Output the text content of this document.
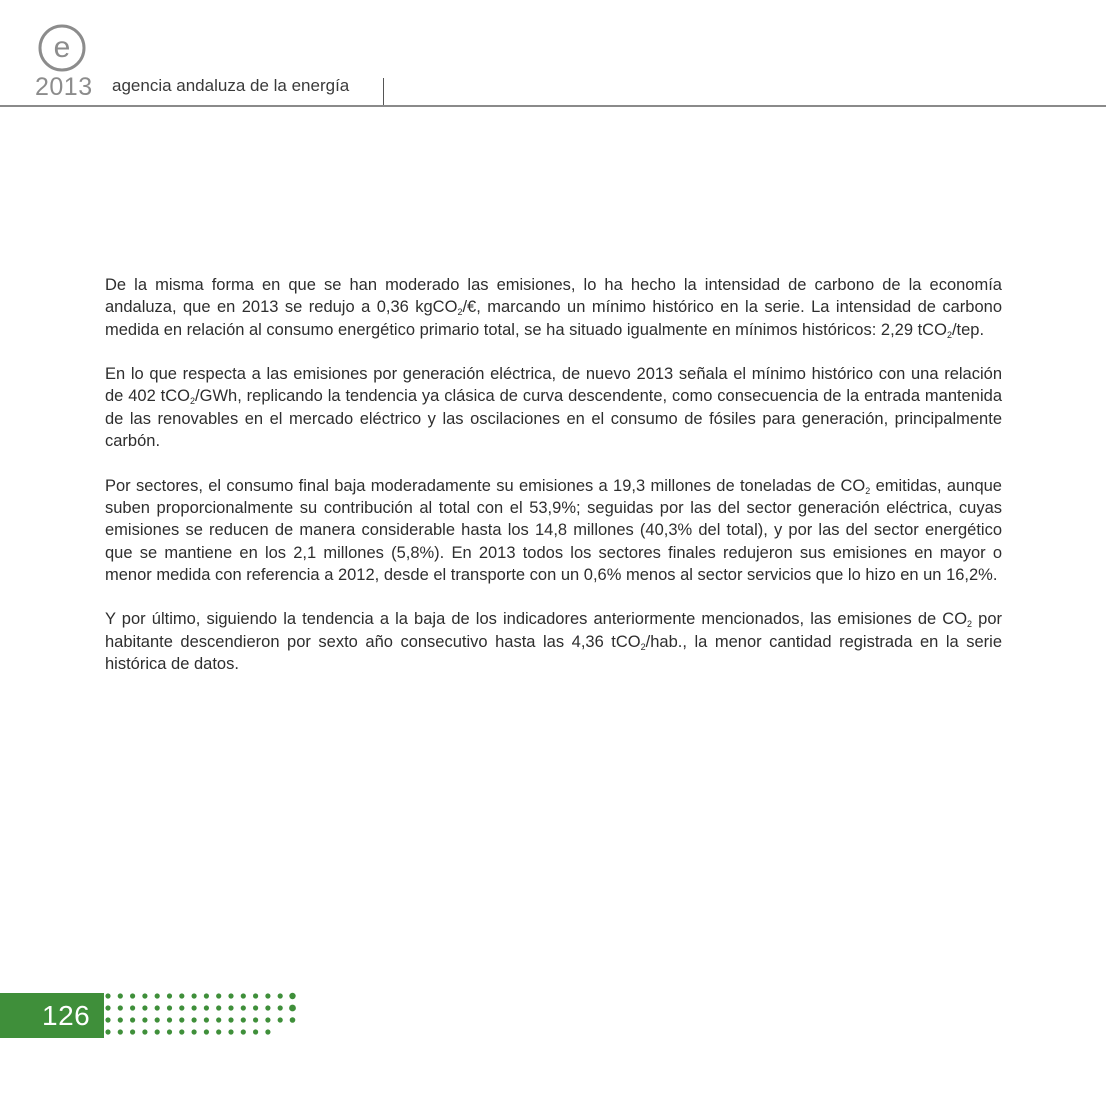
e
2013 agencia andaluza de la energía

De la misma forma en que se han moderado las emisiones, lo ha hecho la intensidad de carbono de la economía andaluza, que en 2013 se redujo a 0,36 kgCO$_2$/€, marcando un mínimo histórico en la serie. La intensidad de carbono medida en relación al consumo energético primario total, se ha situado igualmente en mínimos históricos: 2,29 tCO$_2$/tep.

En lo que respecta a las emisiones por generación eléctrica, de nuevo 2013 señala el mínimo histórico con una relación de 402 tCO$_2$/GWh, replicando la tendencia ya clásica de curva descendente, como consecuencia de la entrada mantenida de las renovables en el mercado eléctrico y las oscilaciones en el consumo de fósiles para generación, principalmente carbón.

Por sectores, el consumo final baja moderadamente su emisiones a 19,3 millones de toneladas de $CO_2$ emitidas, aunque suben proporcionalmente su contribución al total con el 53,9%; seguidas por las del sector generación eléctrica, cuyas emisiones se reducen de manera considerable hasta los 14,8 millones (40,3% del total), y por las del sector energético que se mantiene en los 2,1 millones (5,8%). En 2013 todos los sectores finales redujeron sus emisiones en mayor o menor medida con referencia a 2012, desde el transporte con un 0,6% menos al sector servicios que lo hizo en un 16,2%.

Y por último, siguiendo la tendencia a la baja de los indicadores anteriormente mencionados, las emisiones de $CO_2$ por habitante descendieron por sexto año consecutivo hasta las 4,36 tCO$_2$/hab., la menor cantidad registrada en la serie histórica de datos.

126
